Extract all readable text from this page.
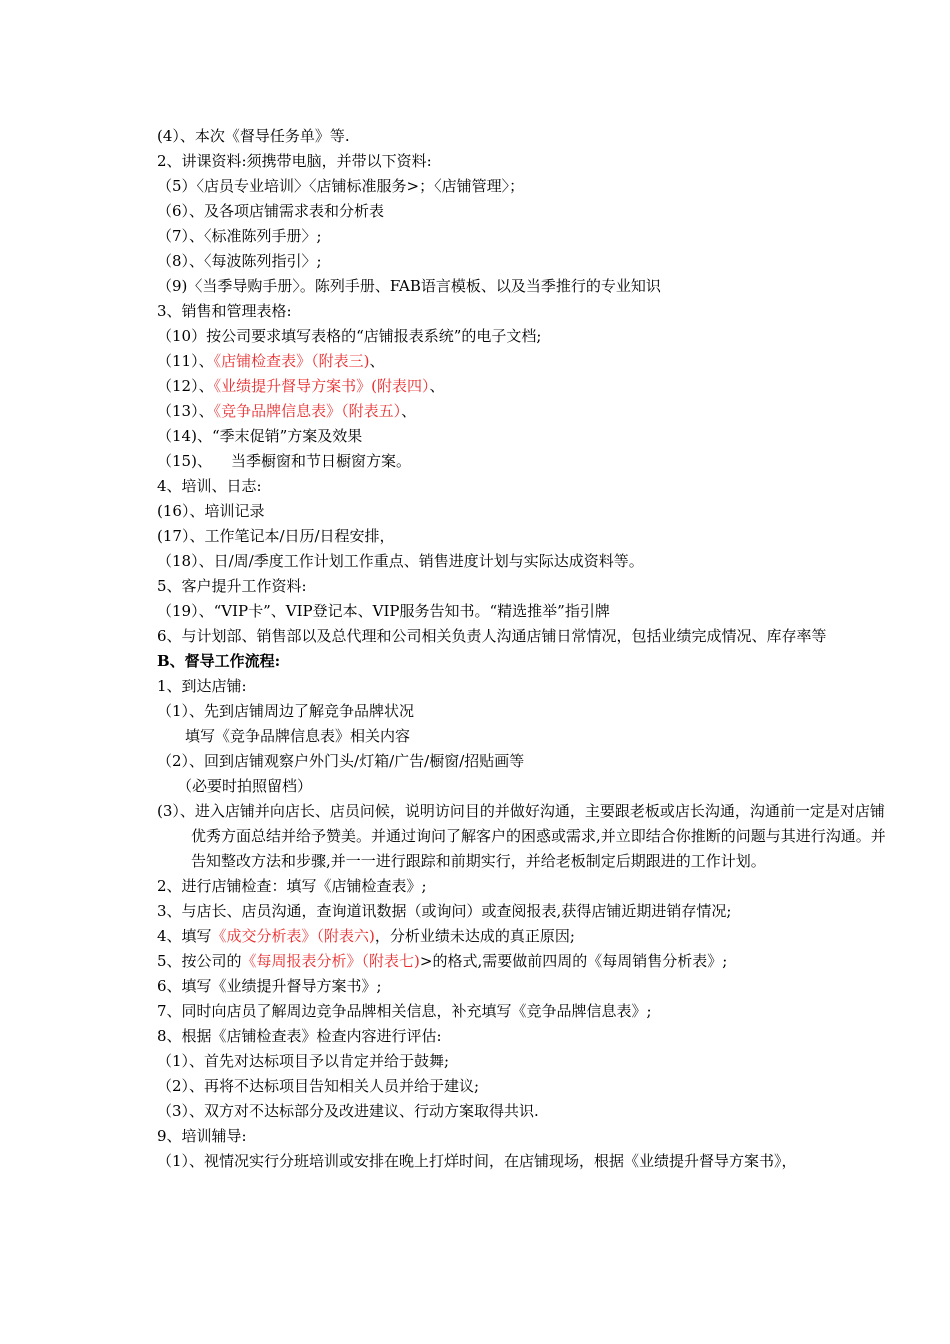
(4）、本次《督导任务单》等.
2、讲课资料:须携带电脑，并带以下资料:
（5）〈店员专业培训〉〈店铺标准服务>；〈店铺管理〉；
（6）、及各项店铺需求表和分析表
（7）、〈标准陈列手册〉;
（8）、〈每波陈列指引〉;
（9)〈当季导购手册〉。陈列手册、FAB语言模板、以及当季推行的专业知识
3、销售和管理表格:
（10）按公司要求填写表格的“店铺报表系统”的电子文档;
（11）、《店铺检查表》（附表三)、
（12）、《业绩提升督导方案书》(附表四）、
（13）、《竞争品牌信息表》（附表五）、
（14)、“季末促销”方案及效果
（15)、    当季橱窗和节日橱窗方案。
4、培训、日志:
(16）、培训记录
(17）、工作笔记本/日历/日程安排，
（18）、日/周/季度工作计划工作重点、销售进度计划与实际达成资料等。
5、客户提升工作资料:
（19）、“VIP卡”、VIP登记本、VIP服务告知书。“精选推举”指引牌
6、与计划部、销售部以及总代理和公司相关负责人沟通店铺日常情况，包括业绩完成情况、库存率等
B、督导工作流程:
1、到达店铺:
（1）、先到店铺周边了解竞争品牌状况
填写《竞争品牌信息表》相关内容
（2）、回到店铺观察户外门头/灯箱/广告/橱窗/招贴画等
（必要时拍照留档）
(3）、进入店铺并向店长、店员问候，说明访问目的并做好沟通，主要跟老板或店长沟通，沟通前一定是对店铺优秀方面总结并给予赞美。并通过询问了解客户的困惑或需求,并立即结合你推断的问题与其进行沟通。并告知整改方法和步骤,并一一进行跟踪和前期实行，并给老板制定后期跟进的工作计划。
2、进行店铺检查：填写《店铺检查表》;
3、与店长、店员沟通，查询道讯数据（或询问）或查阅报表,获得店铺近期进销存情况;
4、填写《成交分析表》（附表六)，分析业绩未达成的真正原因;
5、按公司的《每周报表分析》（附表七)>的格式,需要做前四周的《每周销售分析表》;
6、填写《业绩提升督导方案书》;
7、同时向店员了解周边竞争品牌相关信息，补充填写《竞争品牌信息表》;
8、根据《店铺检查表》检查内容进行评估:
（1）、首先对达标项目予以肯定并给于鼓舞;
（2）、再将不达标项目告知相关人员并给于建议;
（3）、双方对不达标部分及改进建议、行动方案取得共识.
9、培训辅导:
（1）、视情况实行分班培训或安排在晚上打烊时间，在店铺现场，根据《业绩提升督导方案书》，
